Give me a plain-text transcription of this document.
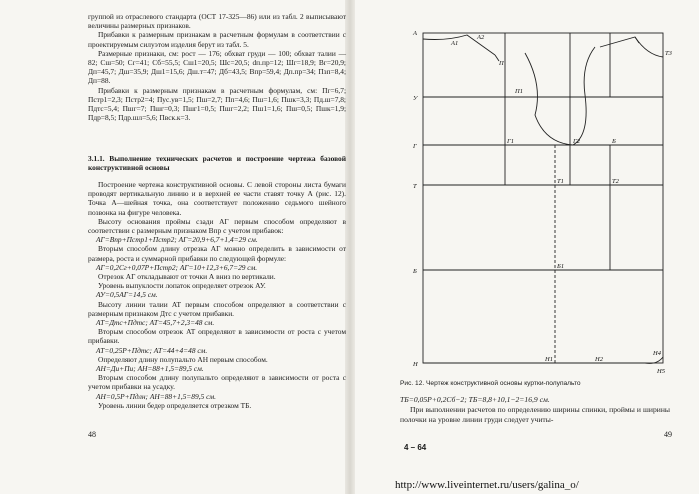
группой из отраслевого стандарта (ОСТ 17-325—86) или из табл. 2 выписывают величины размерных признаков.

Прибавки к размерным признакам в расчетным формулам в соответствии с проектируемым силуэтом изделия берут из табл. 5.

Размерные признаки, см: рост — 176; обхват груди — 100; обхват талии — 82; Сш=50; Сг=41; Сб=55,5; Сш1=20,5; Шс=20,5; dп.пр=12; Шг=18,9; Вг=20,9; Дп=45,7; Дш=35,9; Дш1=15,6; Дш.т=47; Дб=43,5; Впр=59,4; Дп.пр=34; Пзп=8,4; Дп=88.

Прибавки к размерным признакам в расчетным формулам, см: Пг=6,7; Пстр1=2,3; Пстр2=4; Пус.ув=1,5; Пш=2,7; Пп=4,6; Пш=1,6; Пшк=3,3; Пд.ш=7,8; Пдтс=5,4; Пшг=7; Пшг=0,3; Пшг1=0,5; Пшг=2,2; Пш1=1,6; Пш=0,5; Пшк=1,9; Пдр=8,5; Пдр.шл=5,6; Пвск.к=3.

3.1.1. Выполнение технических расчетов и построение чертежа базовой конструктивной основы

Построение чертежа конструктивной основы. С левой стороны листа бумаги проводят вертикальную линию и в верхней ее части ставят точку А (рис. 12). Точка А—шейная точка, она соответствует положению седьмого шейного позвонка на фигуре человека.

Высоту основания проймы сзади АГ первым способом определяют в соответствии с размерным признаком Впр с учетом прибавок:

АГ=Впр+Пстр1+Пстр2; АГ=20,9+6,7+1,4=29 см.

Вторым способом длину отрезка АГ можно определить в зависимости от размера, роста и суммарной прибавки по следующей формуле:

АГ=0,2Сг+0,07Р+Пстр2; АГ=10+12,3+6,7=29 см.

Отрезок АГ откладывают от точки А вниз по вертикали.

Уровень выпуклости лопаток определяет отрезок АУ.

АУ=0,5АГ=14,5 см.

Высоту линии талии АТ первым способом определяют в соответствии с размерным признаком Дтс с учетом прибавки.

АТ=Дтс+Пдтс; АТ=45,7+2,3=48 см.

Вторым способом отрезок АТ определяют в зависимости от роста с учетом прибавки.

АТ=0,25Р+Пдтс; АТ=44+4=48 см.

Определяют длину полупальто АН первым способом.

АН=Ди+Пи; АН=88+1,5=89,5 см.

Вторым способом длину полупальто определяют в зависимости от роста с учетом прибавки на усадку.

АН=0,5Р+Пдлн; АН=88+1,5=89,5 см.

Уровень линии бедер определяется отрезком ТБ.

48
А
А1
А2
П
П1
Г
Г1	Г2
Т
Т1
Б
Б1
Н
Н1	Н2
Н4
Н5
У
Б
Т2
Т3
Рис. 12. Чертеж конструктивной основы куртки-полупальто

ТБ=0,05Р+0,2Сб−2; ТБ=8,8+10,1−2=16,9 см.

При выполнении расчетов по определению ширины спинки, проймы и ширины полочки на уровне линии груди следует учиты-

4 – 64
49
http://www.liveinternet.ru/users/galina_o/
